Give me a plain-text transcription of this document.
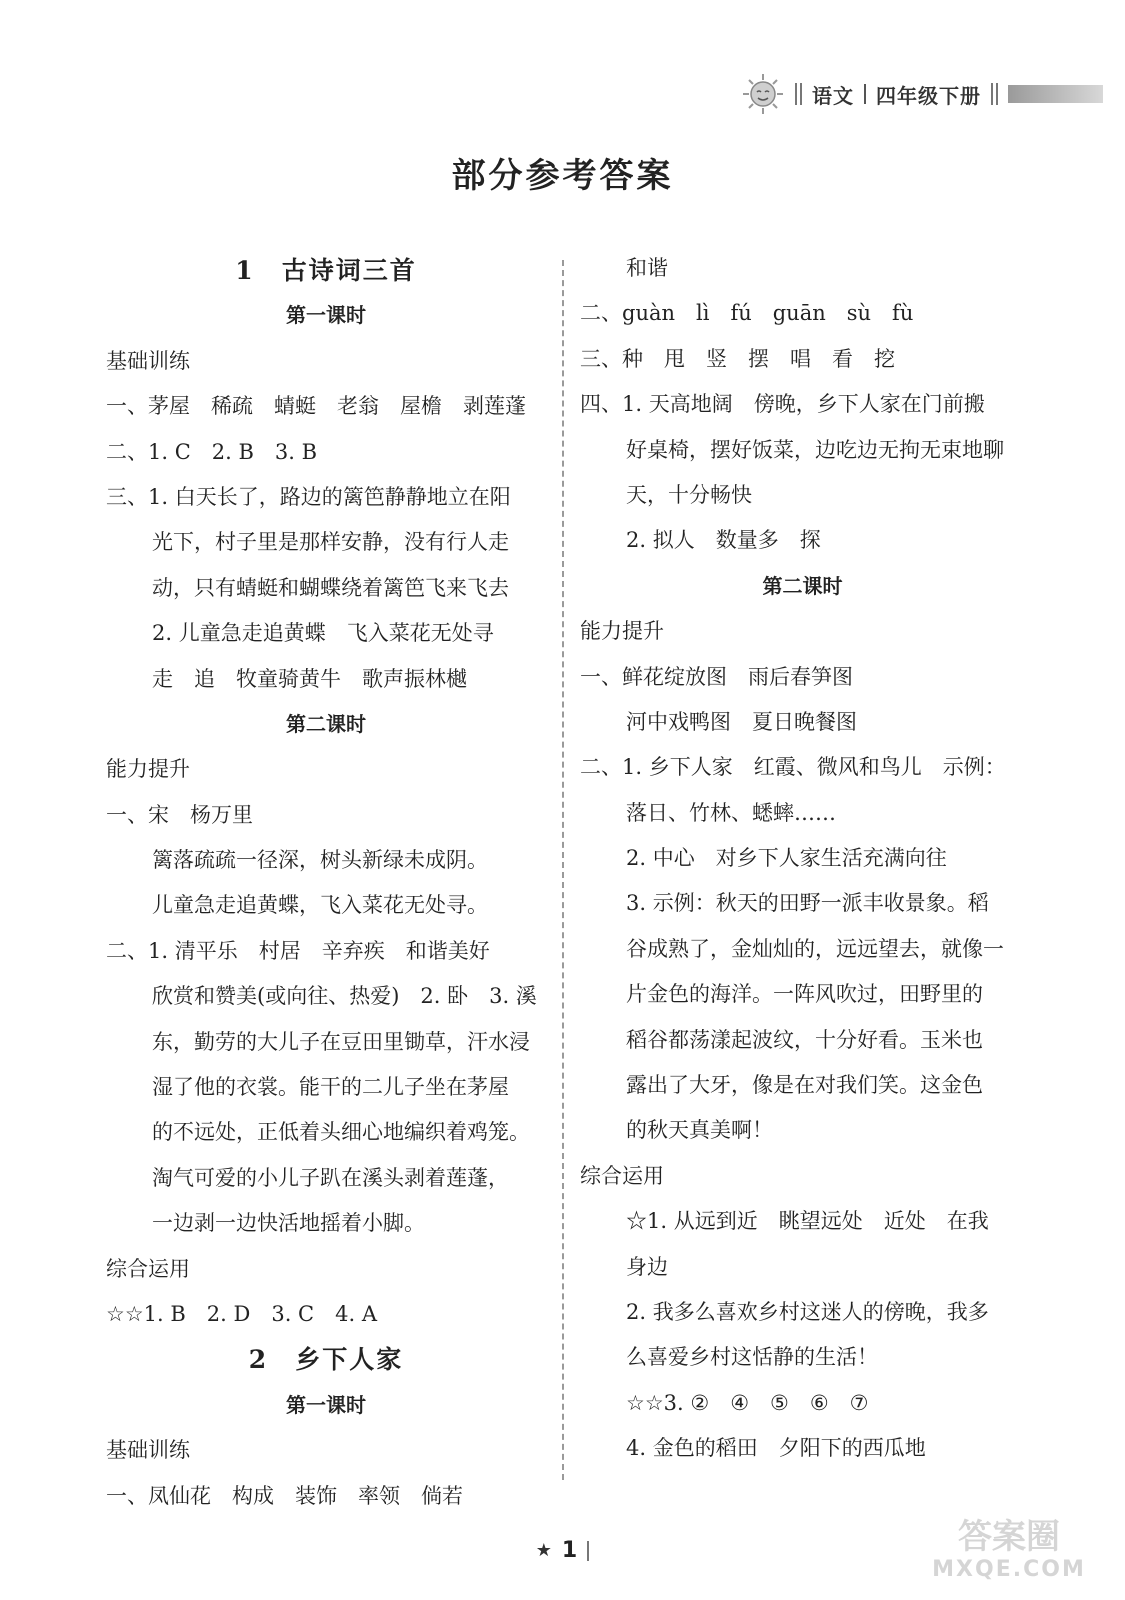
语文 四年级下册
部分参考答案
1　古诗词三首
第一课时
基础训练
一、茅屋　稀疏　蜻蜓　老翁　屋檐　剥莲蓬
二、1. C　2. B　3. B
三、1. 白天长了，路边的篱笆静静地立在阳
光下，村子里是那样安静，没有行人走
动，只有蜻蜓和蝴蝶绕着篱笆飞来飞去
2. 儿童急走追黄蝶　飞入菜花无处寻
走　追　牧童骑黄牛　歌声振林樾
第二课时
能力提升
一、宋　杨万里
篱落疏疏一径深，树头新绿未成阴。
儿童急走追黄蝶，飞入菜花无处寻。
二、1. 清平乐　村居　辛弃疾　和谐美好
欣赏和赞美(或向往、热爱)　2. 卧　3. 溪
东，勤劳的大儿子在豆田里锄草，汗水浸
湿了他的衣裳。能干的二儿子坐在茅屋
的不远处，正低着头细心地编织着鸡笼。
淘气可爱的小儿子趴在溪头剥着莲蓬，
一边剥一边快活地摇着小脚。
综合运用
☆☆1. B　2. D　3. C　4. A
2　乡下人家
第一课时
基础训练
一、凤仙花　构成　装饰　率领　倘若
和谐
二、guàn　lì　fú　guān　sù　fù
三、种　甩　竖　摆　唱　看　挖
四、1. 天高地阔　傍晚，乡下人家在门前搬
好桌椅，摆好饭菜，边吃边无拘无束地聊
天，十分畅快
2. 拟人　数量多　探
第二课时
能力提升
一、鲜花绽放图　雨后春笋图
河中戏鸭图　夏日晚餐图
二、1. 乡下人家　红霞、微风和鸟儿　示例：
落日、竹林、蟋蟀……
2. 中心　对乡下人家生活充满向往
3. 示例：秋天的田野一派丰收景象。稻
谷成熟了，金灿灿的，远远望去，就像一
片金色的海洋。一阵风吹过，田野里的
稻谷都荡漾起波纹，十分好看。玉米也
露出了大牙，像是在对我们笑。这金色
的秋天真美啊！
综合运用
☆1. 从远到近　眺望远处　近处　在我
身边
2. 我多么喜欢乡村这迷人的傍晚，我多
么喜爱乡村这恬静的生活！
☆☆3. ②　④　⑤　⑥　⑦
4. 金色的稻田　夕阳下的西瓜地
★ 1	答案圈
MXQE.COM
